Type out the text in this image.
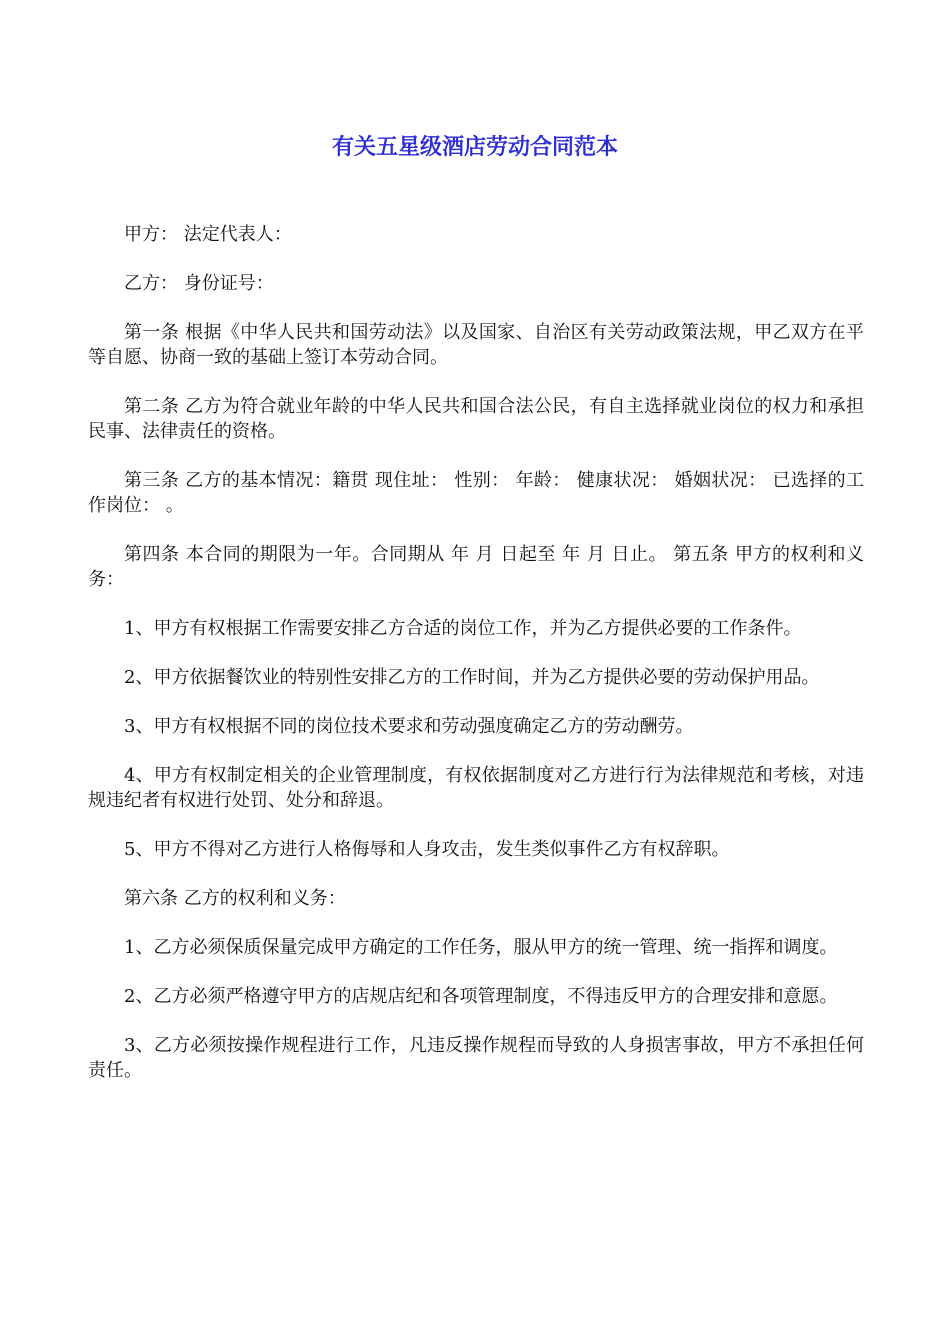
有关五星级酒店劳动合同范本

甲方： 法定代表人：

乙方： 身份证号：

第一条 根据《中华人民共和国劳动法》以及国家、自治区有关劳动政策法规，甲乙双方在平等自愿、协商一致的基础上签订本劳动合同。

第二条 乙方为符合就业年龄的中华人民共和国合法公民，有自主选择就业岗位的权力和承担民事、法律责任的资格。

第三条 乙方的基本情况：籍贯 现住址： 性别： 年龄： 健康状况： 婚姻状况： 已选择的工作岗位： 。

第四条 本合同的期限为一年。合同期从 年 月 日起至 年 月 日止。 第五条 甲方的权利和义务：

1、甲方有权根据工作需要安排乙方合适的岗位工作，并为乙方提供必要的工作条件。

2、甲方依据餐饮业的特别性安排乙方的工作时间，并为乙方提供必要的劳动保护用品。

3、甲方有权根据不同的岗位技术要求和劳动强度确定乙方的劳动酬劳。

4、甲方有权制定相关的企业管理制度，有权依据制度对乙方进行行为法律规范和考核，对违规违纪者有权进行处罚、处分和辞退。

5、甲方不得对乙方进行人格侮辱和人身攻击，发生类似事件乙方有权辞职。

第六条 乙方的权利和义务：

1、乙方必须保质保量完成甲方确定的工作任务，服从甲方的统一管理、统一指挥和调度。

2、乙方必须严格遵守甲方的店规店纪和各项管理制度，不得违反甲方的合理安排和意愿。

3、乙方必须按操作规程进行工作，凡违反操作规程而导致的人身损害事故，甲方不承担任何责任。
